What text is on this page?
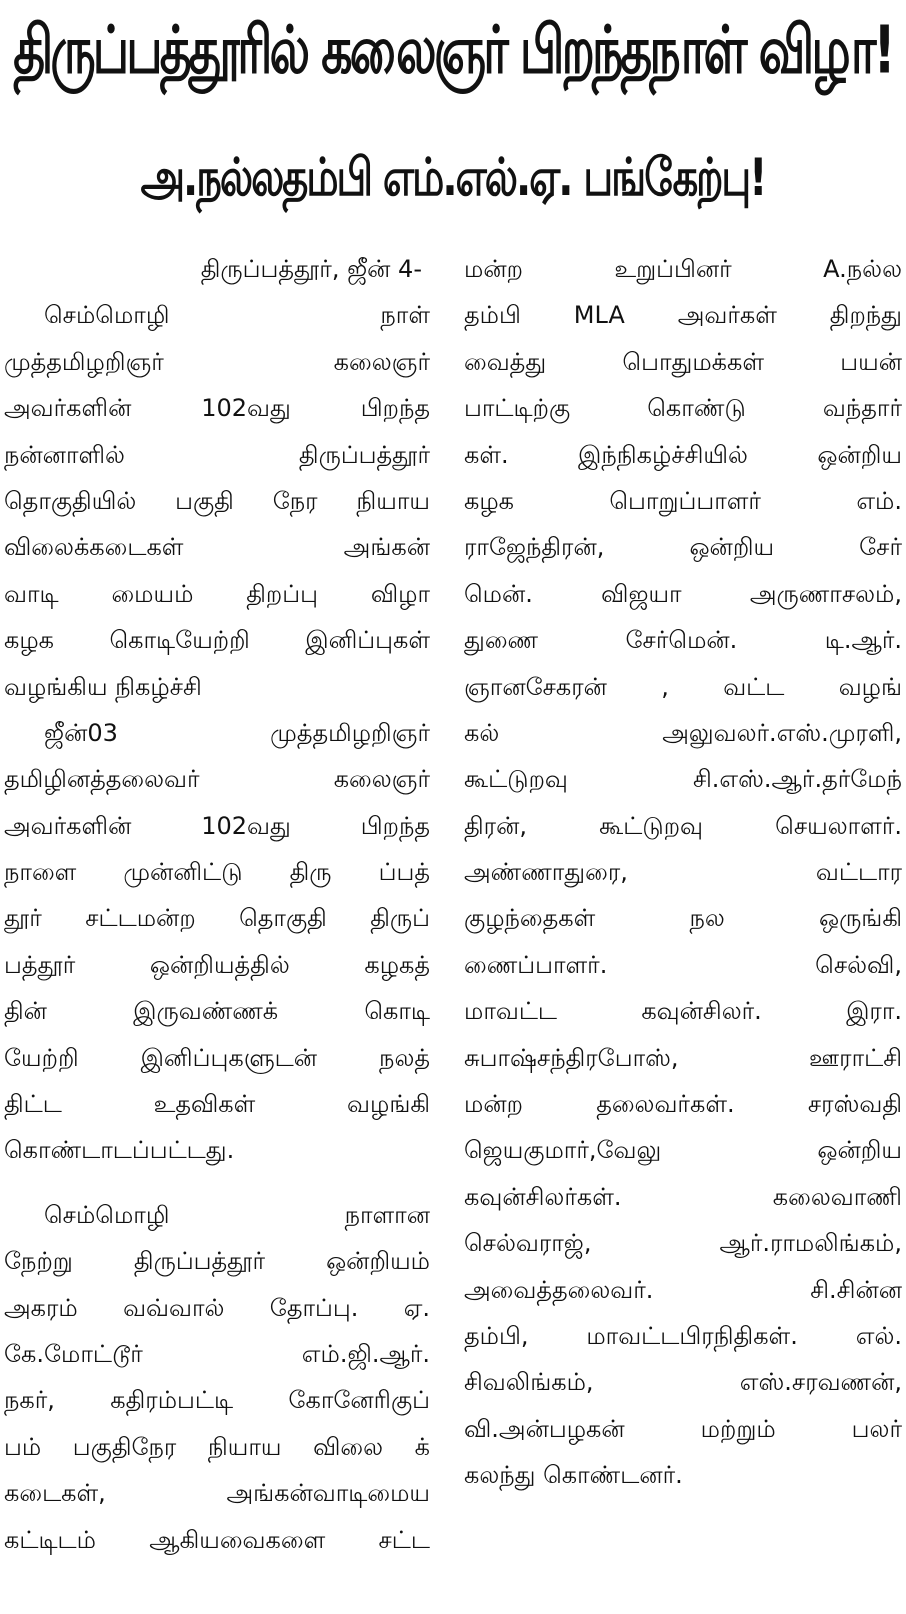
திருப்பத்தூரில் கலைஞர் பிறந்தநாள் விழா!
அ.நல்லதம்பி எம்.எல்.ஏ. பங்கேற்பு!
திருப்பத்தூர், ஜீன் 4-
செம்மொழி நாள்
முத்தமிழறிஞர் கலைஞர்
அவர்களின் 102வது பிறந்த
நன்னாளில் திருப்பத்தூர்
தொகுதியில் பகுதி நேர நியாய
விலைக்கடைகள் அங்கன்
வாடி மையம் திறப்பு விழா
கழக கொடியேற்றி இனிப்புகள்
வழங்கிய நிகழ்ச்சி
ஜீன்03 முத்தமிழறிஞர்
தமிழினத்தலைவர் கலைஞர்
அவர்களின் 102வது பிறந்த
நாளை முன்னிட்டு திரு ப்பத்
தூர் சட்டமன்ற தொகுதி திருப்
பத்தூர் ஒன்றியத்தில் கழகத்
தின் இருவண்ணக் கொடி
யேற்றி இனிப்புகளுடன் நலத்
திட்ட உதவிகள் வழங்கி
கொண்டாடப்பட்டது.
செம்மொழி நாளான
நேற்று திருப்பத்தூர் ஒன்றியம்
அகரம் வவ்வால் தோப்பு. ஏ.
கே.மோட்டூர் எம்.ஜி.ஆர்.
நகர், கதிரம்பட்டி கோனேரிகுப்
பம் பகுதிநேர நியாய விலை க்
கடைகள், அங்கன்வாடிமைய
கட்டிடம் ஆகியவைகளை சட்ட
மன்ற உறுப்பினர் A.நல்ல
தம்பி MLA அவர்கள் திறந்து
வைத்து பொதுமக்கள் பயன்
பாட்டிற்கு கொண்டு வந்தார்
கள். இந்நிகழ்ச்சியில் ஒன்றிய
கழக பொறுப்பாளர் எம்.
ராஜேந்திரன், ஒன்றிய சேர்
மென். விஜயா அருணாசலம்,
துணை சேர்மென். டி.ஆர்.
ஞானசேகரன் , வட்ட வழங்
கல் அலுவலர்.எஸ்.முரளி,
கூட்டுறவு சி.எஸ்.ஆர்.தர்மேந்
திரன், கூட்டுறவு செயலாளர்.
அண்ணாதுரை, வட்டார
குழந்தைகள் நல ஒருங்கி
ணைப்பாளர். செல்வி,
மாவட்ட கவுன்சிலர். இரா.
சுபாஷ்சந்திரபோஸ், ஊராட்சி
மன்ற தலைவர்கள். சரஸ்வதி
ஜெயகுமார்,வேலு ஒன்றிய
கவுன்சிலர்கள். கலைவாணி
செல்வராஜ், ஆர்.ராமலிங்கம்,
அவைத்தலைவர். சி.சின்ன
தம்பி, மாவட்டபிரநிதிகள். எல்.
சிவலிங்கம், எஸ்.சரவணன்,
வி.அன்பழகன் மற்றும் பலர்
கலந்து கொண்டனர்.
